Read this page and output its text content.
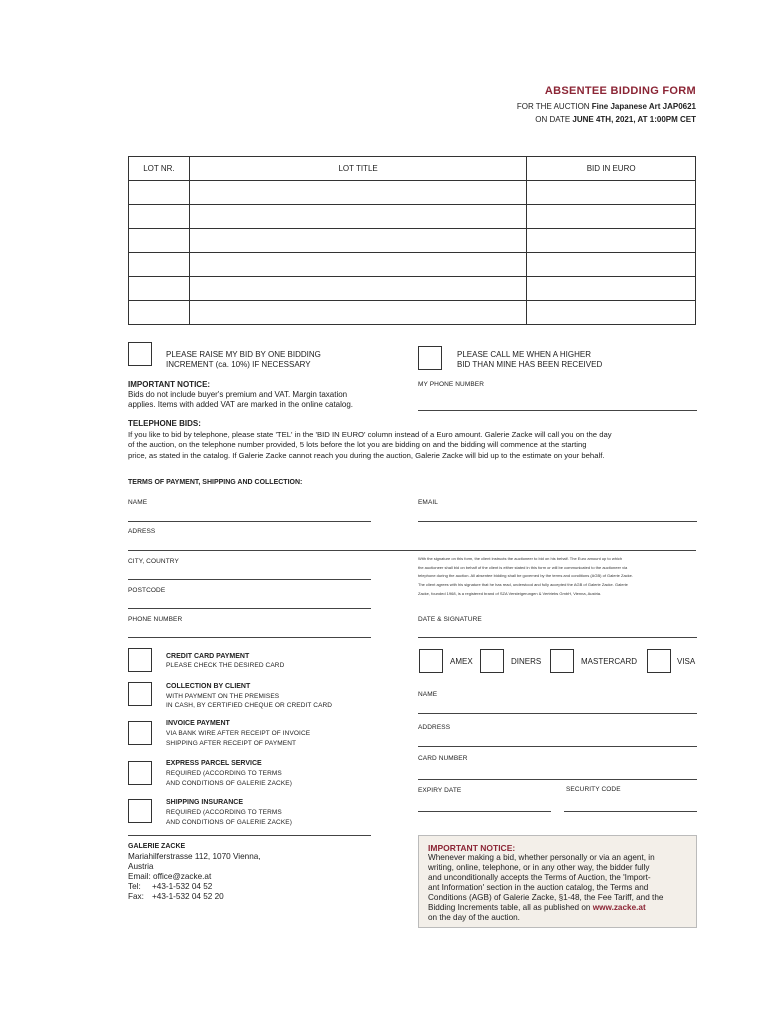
ABSENTEE BIDDING FORM
FOR THE AUCTION Fine Japanese Art JAP0621
ON DATE JUNE 4TH, 2021, AT 1:00PM CET
LOT NR.	LOT TITLE	BID IN EURO

PLEASE RAISE MY BID BY ONE BIDDING
INCREMENT (ca. 10%) IF NECESSARY
PLEASE CALL ME WHEN A HIGHER
BID THAN MINE HAS BEEN RECEIVED
IMPORTANT NOTICE:
Bids do not include buyer's premium and VAT. Margin taxation
applies. Items with added VAT are marked in the online catalog.
MY PHONE NUMBER
TELEPHONE BIDS:
If you like to bid by telephone, please state 'TEL' in the 'BID IN EURO' column instead of a Euro amount. Galerie Zacke will call you on the day
of the auction, on the telephone number provided, 5 lots before the lot you are bidding on and the bidding will commence at the starting
price, as stated in the catalog. If Galerie Zacke cannot reach you during the auction, Galerie Zacke will bid up to the estimate on your behalf.
TERMS OF PAYMENT, SHIPPING AND COLLECTION:
NAME
ADRESS
CITY, COUNTRY
POSTCODE
PHONE NUMBER
EMAIL
With the signature on this form, the client instructs the auctioneer to bid on his behalf. The Euro amount up to which
the auctioneer shall bid on behalf of the client is either stated in this form or will be communicated to the auctioneer via
telephone during the auction. All absentee bidding shall be governed by the terms and conditions (AGB) of Galerie Zacke.
The client agrees with his signature that he has read, understood and fully accepted the AGB of Galerie Zacke. Galerie
Zacke, founded 1968, is a registered brand of SZA Versteigerungen & Vertriebs GmbH, Vienna, Austria.
DATE & SIGNATURE
CREDIT CARD PAYMENT
PLEASE CHECK THE DESIRED CARD
COLLECTION BY CLIENT
WITH PAYMENT ON THE PREMISES
IN CASH, BY CERTIFIED CHEQUE OR CREDIT CARD
INVOICE PAYMENT
VIA BANK WIRE AFTER RECEIPT OF INVOICE
SHIPPING AFTER RECEIPT OF PAYMENT
EXPRESS PARCEL SERVICE
REQUIRED (ACCORDING TO TERMS
AND CONDITIONS OF GALERIE ZACKE)
SHIPPING INSURANCE
REQUIRED (ACCORDING TO TERMS
AND CONDITIONS OF GALERIE ZACKE)
AMEX	DINERS	MASTERCARD	VISA
NAME
ADDRESS
CARD NUMBER
EXPIRY DATE	SECURITY CODE
GALERIE ZACKE
Mariahilferstrasse 112, 1070 Vienna,
Austria
Email: office@zacke.at
Tel: +43-1-532 04 52
Fax: +43-1-532 04 52 20
IMPORTANT NOTICE:
Whenever making a bid, whether personally or via an agent, in
writing, online, telephone, or in any other way, the bidder fully
and unconditionally accepts the Terms of Auction, the 'Import-
ant Information' section in the auction catalog, the Terms and
Conditions (AGB) of Galerie Zacke, §1-48, the Fee Tariff, and the
Bidding Increments table, all as published on www.zacke.at
on the day of the auction.
